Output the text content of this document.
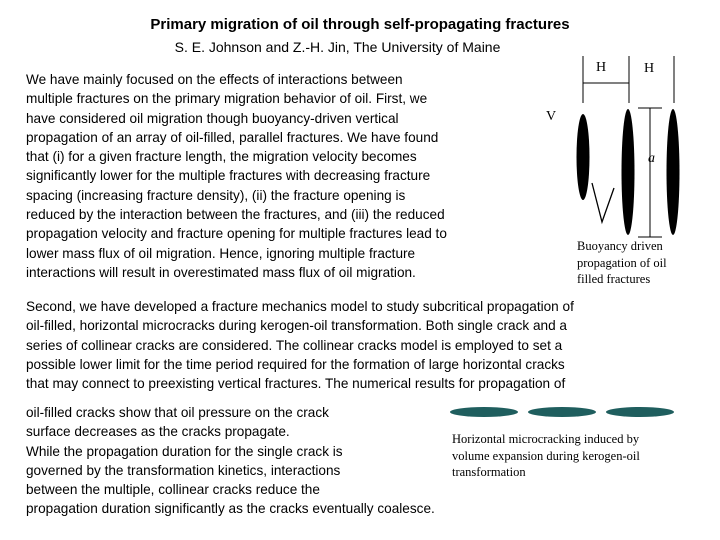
Primary migration of oil through self-propagating fractures
S. E. Johnson and Z.-H. Jin, The University of Maine
We have mainly focused on the effects of interactions between
multiple fractures on the primary migration behavior of oil. First, we
have considered oil migration though buoyancy-driven vertical
propagation of an array of oil-filled, parallel fractures. We have found
that (i) for a given fracture length, the migration velocity becomes
significantly lower for the multiple fractures with decreasing fracture
spacing (increasing fracture density), (ii) the fracture opening is
reduced by the interaction between the fractures, and (iii) the reduced
propagation velocity and fracture opening for multiple fractures lead to
lower mass flux of oil migration. Hence, ignoring multiple fracture
interactions will result in overestimated mass flux of oil migration.
Second, we have developed a fracture mechanics model to study subcritical propagation of
oil-filled, horizontal microcracks during kerogen-oil transformation. Both single crack and a
series of collinear cracks are considered. The collinear cracks model is employed to set a
possible lower limit for the time period required for the formation of large horizontal cracks
that may connect to preexisting vertical fractures. The numerical results for propagation of
oil-filled cracks show that oil pressure on the crack
surface decreases as the cracks propagate.
While the propagation duration for the single crack is
governed by the transformation kinetics, interactions
between the multiple, collinear cracks reduce the
propagation duration significantly as the cracks eventually coalesce.
H	H
V
a
Buoyancy driven
propagation of oil
filled fractures
Horizontal microcracking induced by
volume expansion during kerogen-oil
transformation
